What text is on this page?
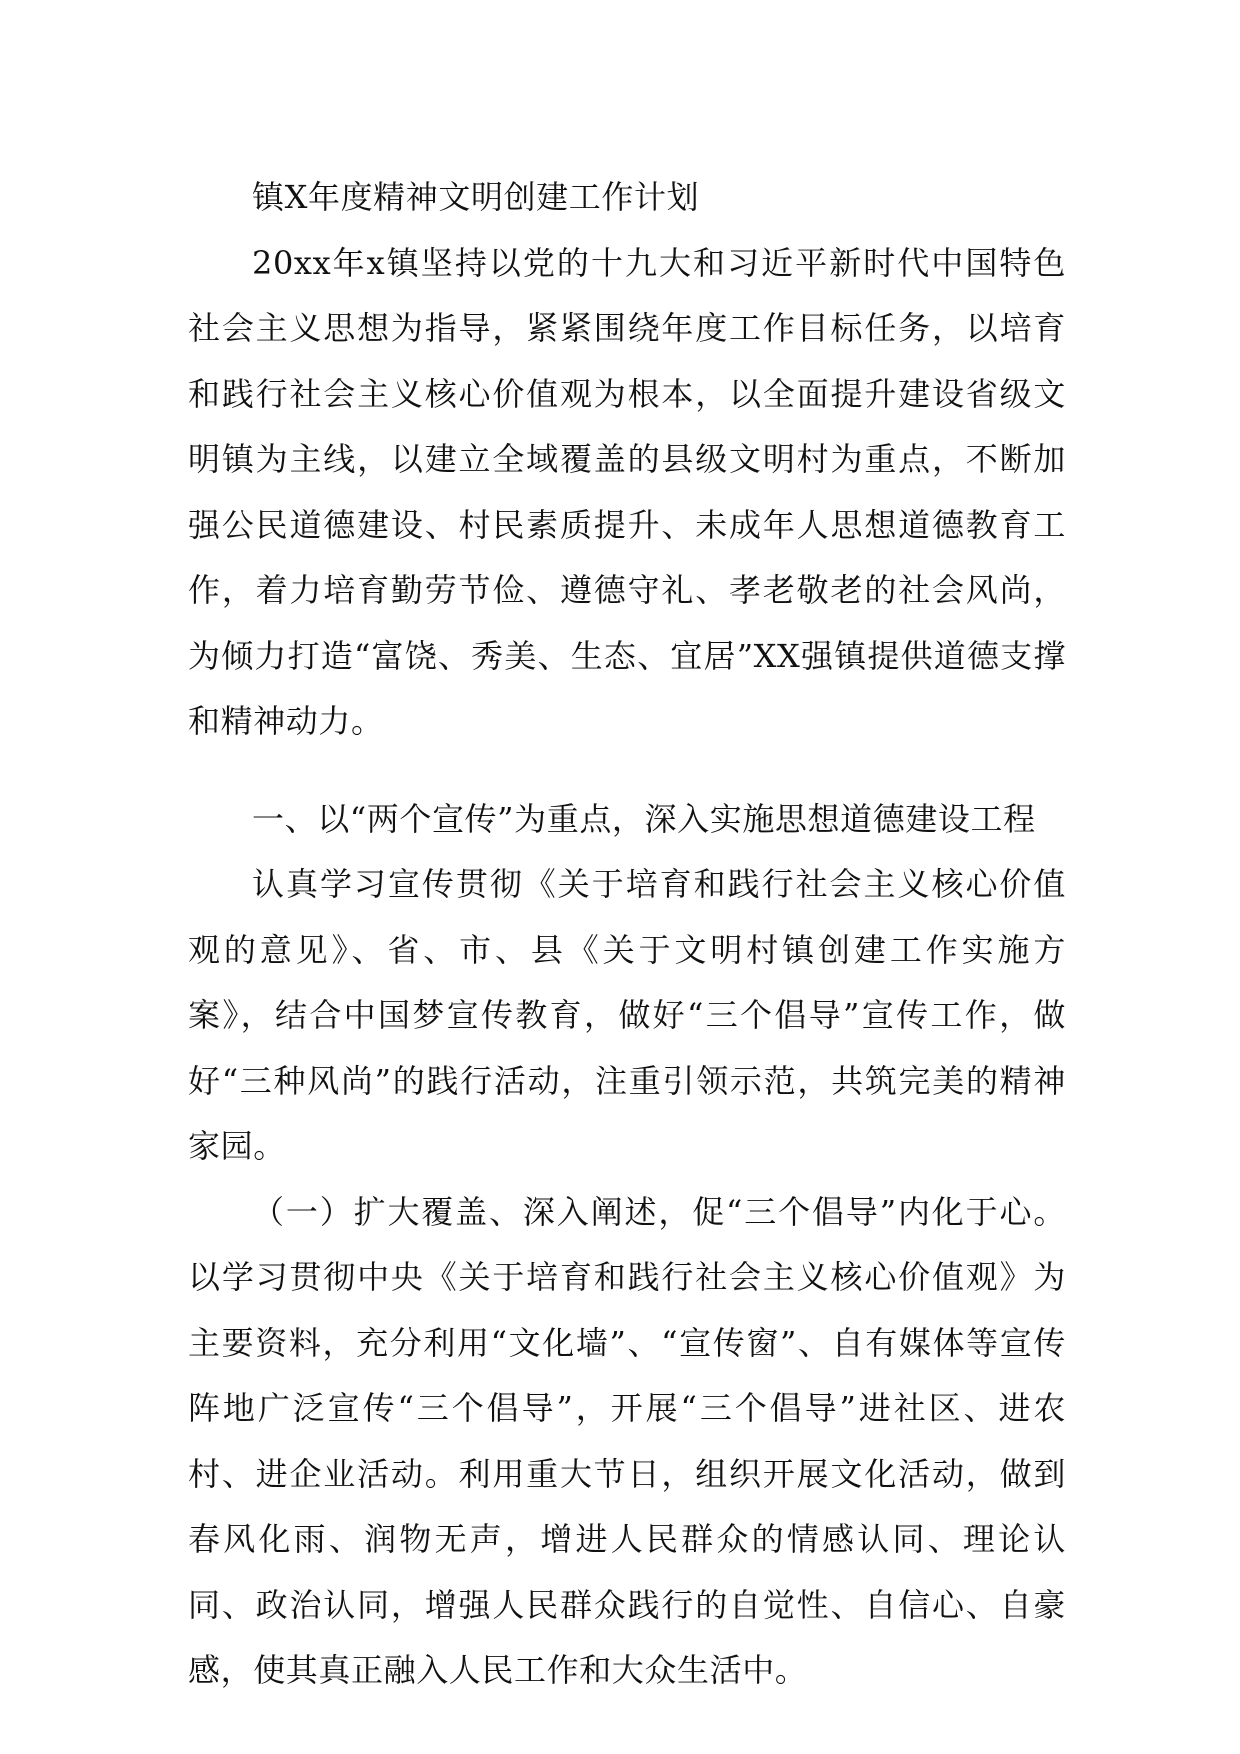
镇X年度精神文明创建工作计划

20xx年x镇坚持以党的十九大和习近平新时代中国特色社会主义思想为指导，紧紧围绕年度工作目标任务，以培育和践行社会主义核心价值观为根本，以全面提升建设省级文明镇为主线，以建立全域覆盖的县级文明村为重点，不断加强公民道德建设、村民素质提升、未成年人思想道德教育工作，着力培育勤劳节俭、遵德守礼、孝老敬老的社会风尚，为倾力打造“富饶、秀美、生态、宜居”XX强镇提供道德支撑和精神动力。

一、以“两个宣传”为重点，深入实施思想道德建设工程

认真学习宣传贯彻《关于培育和践行社会主义核心价值观的意见》、省、市、县《关于文明村镇创建工作实施方案》，结合中国梦宣传教育，做好“三个倡导”宣传工作，做好“三种风尚”的践行活动，注重引领示范，共筑完美的精神家园。

（一）扩大覆盖、深入阐述，促“三个倡导”内化于心。以学习贯彻中央《关于培育和践行社会主义核心价值观》为主要资料，充分利用“文化墙”、“宣传窗”、自有媒体等宣传阵地广泛宣传“三个倡导”，开展“三个倡导”进社区、进农村、进企业活动。利用重大节日，组织开展文化活动，做到春风化雨、润物无声，增进人民群众的情感认同、理论认同、政治认同，增强人民群众践行的自觉性、自信心、自豪感，使其真正融入人民工作和大众生活中。
